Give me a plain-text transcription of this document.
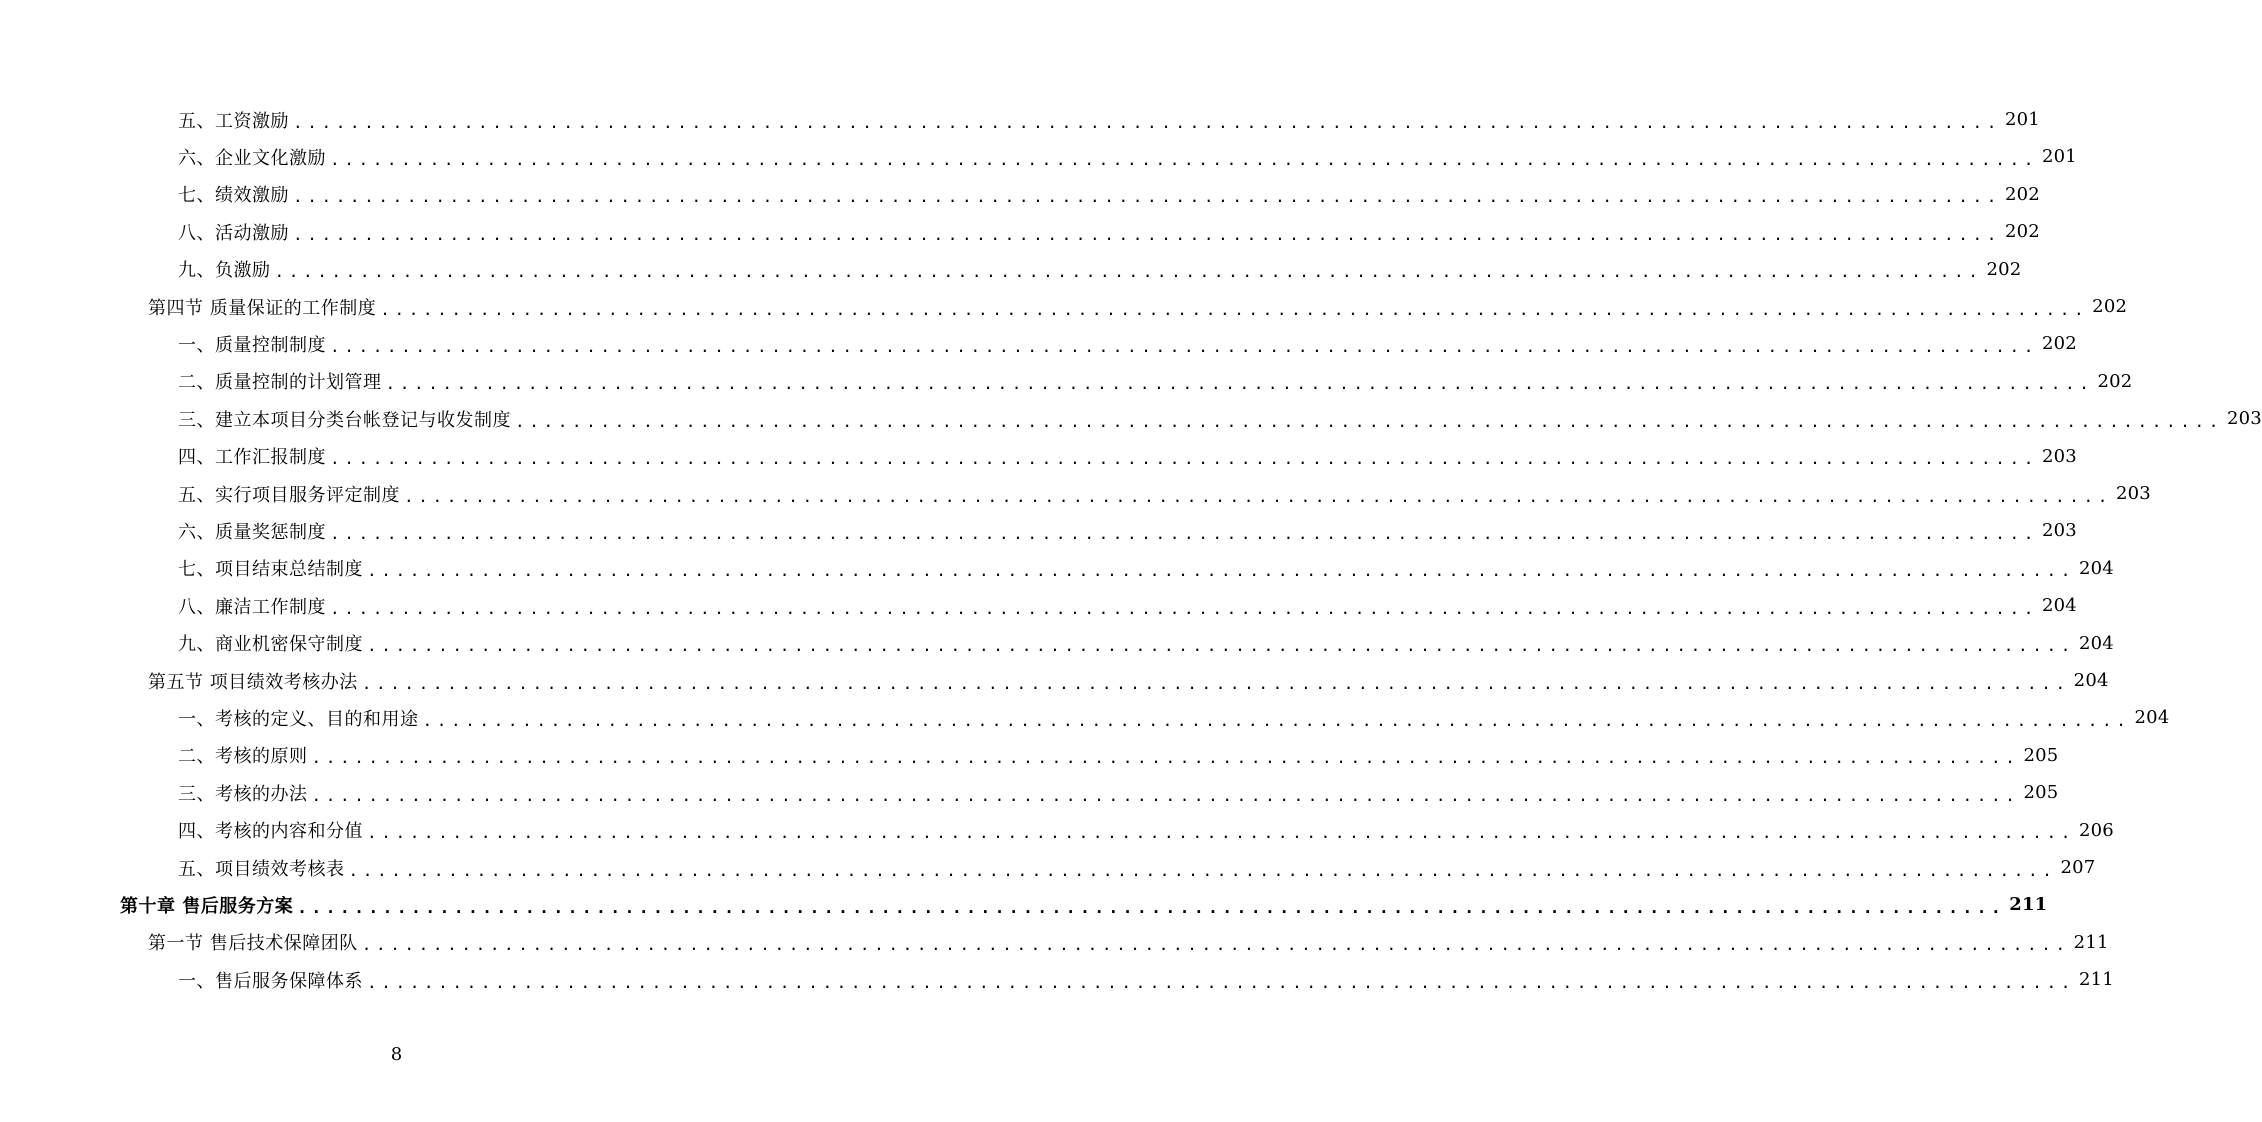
五、工资激励 ........................................................................................................................ 201
六、企业文化激励 ........................................................................................................................ 201
七、绩效激励 ........................................................................................................................ 202
八、活动激励 ........................................................................................................................ 202
九、负激励 ........................................................................................................................ 202
第四节 质量保证的工作制度 ........................................................................................................................ 202
一、质量控制制度 ........................................................................................................................ 202
二、质量控制的计划管理 ........................................................................................................................ 202
三、建立本项目分类台帐登记与收发制度 ........................................................................................................................ 203
四、工作汇报制度 ........................................................................................................................ 203
五、实行项目服务评定制度 ........................................................................................................................ 203
六、质量奖惩制度 ........................................................................................................................ 203
七、项目结束总结制度 ........................................................................................................................ 204
八、廉洁工作制度 ........................................................................................................................ 204
九、商业机密保守制度 ........................................................................................................................ 204
第五节 项目绩效考核办法 ........................................................................................................................ 204
一、考核的定义、目的和用途 ........................................................................................................................ 204
二、考核的原则 ........................................................................................................................ 205
三、考核的办法 ........................................................................................................................ 205
四、考核的内容和分值 ........................................................................................................................ 206
五、项目绩效考核表 ........................................................................................................................ 207
第十章 售后服务方案 ........................................................................................................................ 211
第一节 售后技术保障团队 ........................................................................................................................ 211
一、售后服务保障体系 ........................................................................................................................ 211
8
